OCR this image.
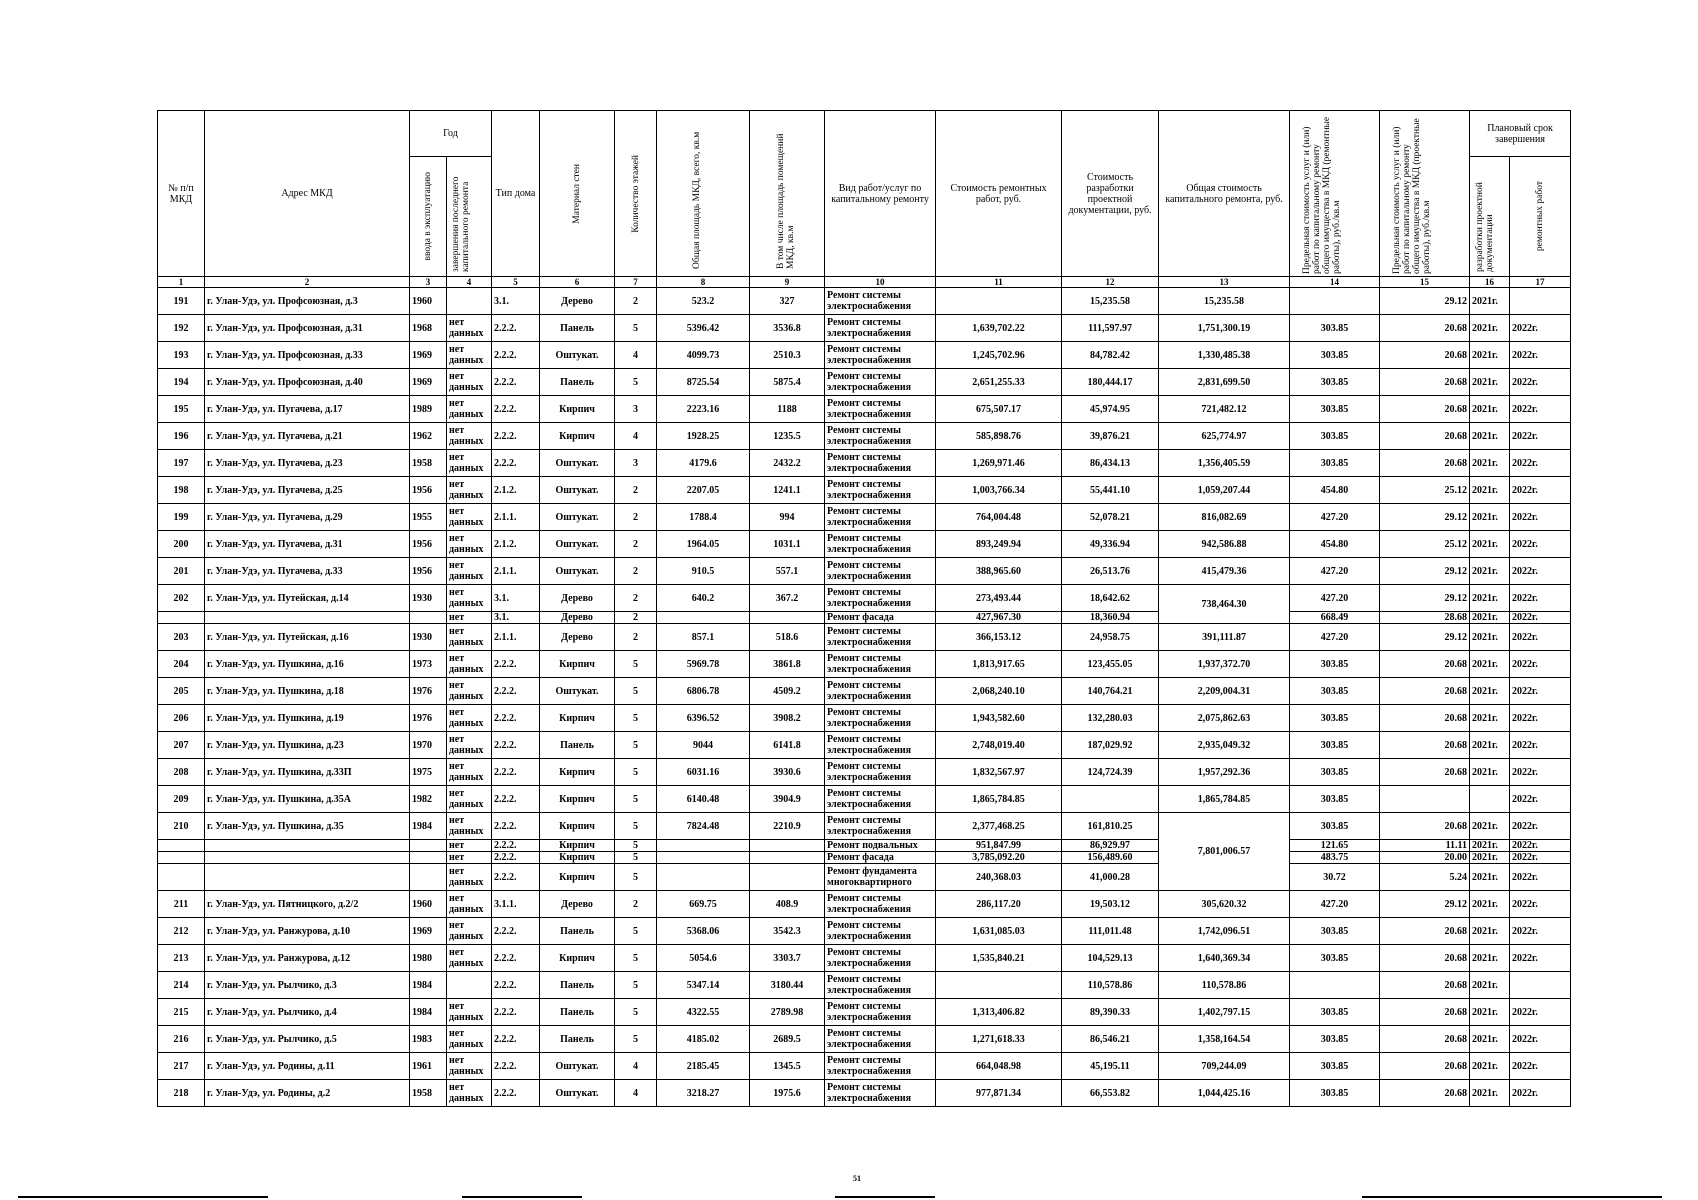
№ п/п МКД	Адрес МКД	Год		Тип дома	Материал стен	Количество этажей	Общая площадь МКД, всего, кв.м	В том числе площадь помещений МКД, кв.м	Вид работ/услуг по капитальному ремонту	Стоимость ремонтных работ, руб.	Стоимость разработки проектной документации, руб.	Общая стоимость капитального ремонта, руб.	Предельная стоимость услуг и (или) работ по капитальному ремонту общего имущества в МКД (ремонтные работы), руб./кв.м	Предельная стоимость услуг и (или) работ по капитальному ремонту общего имущества в МКД (проектные работы), руб./кв.м	Плановый срок завершения	

		ввода в эксплуатацию	завершения последнего капитального ремонта												разработки проектной документации	ремонтных работ

1	2	3	4	5	6	7	8	9	10	11	12	13	14	15	16	17
191	г. Улан-Удэ, ул. Профсоюзная, д.3	1960		3.1.	Дерево	2	523.2	327	Ремонт системы электроснабжения		15,235.58	15,235.58		29.12	2021г.	
192	г. Улан-Удэ, ул. Профсоюзная, д.31	1968	нет данных	2.2.2.	Панель	5	5396.42	3536.8	Ремонт системы электроснабжения	1,639,702.22	111,597.97	1,751,300.19	303.85	20.68	2021г.	2022г.
193	г. Улан-Удэ, ул. Профсоюзная, д.33	1969	нет данных	2.2.2.	Оштукат.	4	4099.73	2510.3	Ремонт системы электроснабжения	1,245,702.96	84,782.42	1,330,485.38	303.85	20.68	2021г.	2022г.
194	г. Улан-Удэ, ул. Профсоюзная, д.40	1969	нет данных	2.2.2.	Панель	5	8725.54	5875.4	Ремонт системы электроснабжения	2,651,255.33	180,444.17	2,831,699.50	303.85	20.68	2021г.	2022г.
195	г. Улан-Удэ, ул. Пугачева, д.17	1989	нет данных	2.2.2.	Кирпич	3	2223.16	1188	Ремонт системы электроснабжения	675,507.17	45,974.95	721,482.12	303.85	20.68	2021г.	2022г.
196	г. Улан-Удэ, ул. Пугачева, д.21	1962	нет данных	2.2.2.	Кирпич	4	1928.25	1235.5	Ремонт системы электроснабжения	585,898.76	39,876.21	625,774.97	303.85	20.68	2021г.	2022г.
197	г. Улан-Удэ, ул. Пугачева, д.23	1958	нет данных	2.2.2.	Оштукат.	3	4179.6	2432.2	Ремонт системы электроснабжения	1,269,971.46	86,434.13	1,356,405.59	303.85	20.68	2021г.	2022г.
198	г. Улан-Удэ, ул. Пугачева, д.25	1956	нет данных	2.1.2.	Оштукат.	2	2207.05	1241.1	Ремонт системы электроснабжения	1,003,766.34	55,441.10	1,059,207.44	454.80	25.12	2021г.	2022г.
199	г. Улан-Удэ, ул. Пугачева, д.29	1955	нет данных	2.1.1.	Оштукат.	2	1788.4	994	Ремонт системы электроснабжения	764,004.48	52,078.21	816,082.69	427.20	29.12	2021г.	2022г.
200	г. Улан-Удэ, ул. Пугачева, д.31	1956	нет данных	2.1.2.	Оштукат.	2	1964.05	1031.1	Ремонт системы электроснабжения	893,249.94	49,336.94	942,586.88	454.80	25.12	2021г.	2022г.
201	г. Улан-Удэ, ул. Пугачева, д.33	1956	нет данных	2.1.1.	Оштукат.	2	910.5	557.1	Ремонт системы электроснабжения	388,965.60	26,513.76	415,479.36	427.20	29.12	2021г.	2022г.
202	г. Улан-Удэ, ул. Путейская, д.14	1930	нет данных	3.1.	Дерево	2	640.2	367.2	Ремонт системы электроснабжения	273,493.44	18,642.62	738,464.30	427.20	29.12	2021г.	2022г.
			нет	3.1.	Дерево	2			Ремонт фасада	427,967.30	18,360.94		668.49	28.68	2021г.	2022г.
203	г. Улан-Удэ, ул. Путейская, д.16	1930	нет данных	2.1.1.	Дерево	2	857.1	518.6	Ремонт системы электроснабжения	366,153.12	24,958.75	391,111.87	427.20	29.12	2021г.	2022г.
204	г. Улан-Удэ, ул. Пушкина, д.16	1973	нет данных	2.2.2.	Кирпич	5	5969.78	3861.8	Ремонт системы электроснабжения	1,813,917.65	123,455.05	1,937,372.70	303.85	20.68	2021г.	2022г.
205	г. Улан-Удэ, ул. Пушкина, д.18	1976	нет данных	2.2.2.	Оштукат.	5	6806.78	4509.2	Ремонт системы электроснабжения	2,068,240.10	140,764.21	2,209,004.31	303.85	20.68	2021г.	2022г.
206	г. Улан-Удэ, ул. Пушкина, д.19	1976	нет данных	2.2.2.	Кирпич	5	6396.52	3908.2	Ремонт системы электроснабжения	1,943,582.60	132,280.03	2,075,862.63	303.85	20.68	2021г.	2022г.
207	г. Улан-Удэ, ул. Пушкина, д.23	1970	нет данных	2.2.2.	Панель	5	9044	6141.8	Ремонт системы электроснабжения	2,748,019.40	187,029.92	2,935,049.32	303.85	20.68	2021г.	2022г.
208	г. Улан-Удэ, ул. Пушкина, д.33П	1975	нет данных	2.2.2.	Кирпич	5	6031.16	3930.6	Ремонт системы электроснабжения	1,832,567.97	124,724.39	1,957,292.36	303.85	20.68	2021г.	2022г.
209	г. Улан-Удэ, ул. Пушкина, д.35А	1982	нет данных	2.2.2.	Кирпич	5	6140.48	3904.9	Ремонт системы электроснабжения	1,865,784.85		1,865,784.85	303.85			2022г.
210	г. Улан-Удэ, ул. Пушкина, д.35	1984	нет данных	2.2.2.	Кирпич	5	7824.48	2210.9	Ремонт системы электроснабжения	2,377,468.25	161,810.25	7,801,006.57	303.85	20.68	2021г.	2022г.
			нет	2.2.2.	Кирпич	5			Ремонт подвальных	951,847.99	86,929.97		121.65	11.11	2021г.	2022г.
			нет	2.2.2.	Кирпич	5			Ремонт фасада	3,785,092.20	156,489.60		483.75	20.00	2021г.	2022г.
			нет данных	2.2.2.	Кирпич	5			Ремонт фундамента многоквартирного	240,368.03	41,000.28		30.72	5.24	2021г.	2022г.
211	г. Улан-Удэ, ул. Пятницкого, д.2/2	1960	нет данных	3.1.1.	Дерево	2	669.75	408.9	Ремонт системы электроснабжения	286,117.20	19,503.12	305,620.32	427.20	29.12	2021г.	2022г.
212	г. Улан-Удэ, ул. Ранжурова, д.10	1969	нет данных	2.2.2.	Панель	5	5368.06	3542.3	Ремонт системы электроснабжения	1,631,085.03	111,011.48	1,742,096.51	303.85	20.68	2021г.	2022г.
213	г. Улан-Удэ, ул. Ранжурова, д.12	1980	нет данных	2.2.2.	Кирпич	5	5054.6	3303.7	Ремонт системы электроснабжения	1,535,840.21	104,529.13	1,640,369.34	303.85	20.68	2021г.	2022г.
214	г. Улан-Удэ, ул. Рылчико, д.3	1984		2.2.2.	Панель	5	5347.14	3180.44	Ремонт системы электроснабжения		110,578.86	110,578.86		20.68	2021г.	
215	г. Улан-Удэ, ул. Рылчико, д.4	1984	нет данных	2.2.2.	Панель	5	4322.55	2789.98	Ремонт системы электроснабжения	1,313,406.82	89,390.33	1,402,797.15	303.85	20.68	2021г.	2022г.
216	г. Улан-Удэ, ул. Рылчико, д.5	1983	нет данных	2.2.2.	Панель	5	4185.02	2689.5	Ремонт системы электроснабжения	1,271,618.33	86,546.21	1,358,164.54	303.85	20.68	2021г.	2022г.
217	г. Улан-Удэ, ул. Родины, д.11	1961	нет данных	2.2.2.	Оштукат.	4	2185.45	1345.5	Ремонт системы электроснабжения	664,048.98	45,195.11	709,244.09	303.85	20.68	2021г.	2022г.
218	г. Улан-Удэ, ул. Родины, д.2	1958	нет данных	2.2.2.	Оштукат.	4	3218.27	1975.6	Ремонт системы электроснабжения	977,871.34	66,553.82	1,044,425.16	303.85	20.68	2021г.	2022г.
51
